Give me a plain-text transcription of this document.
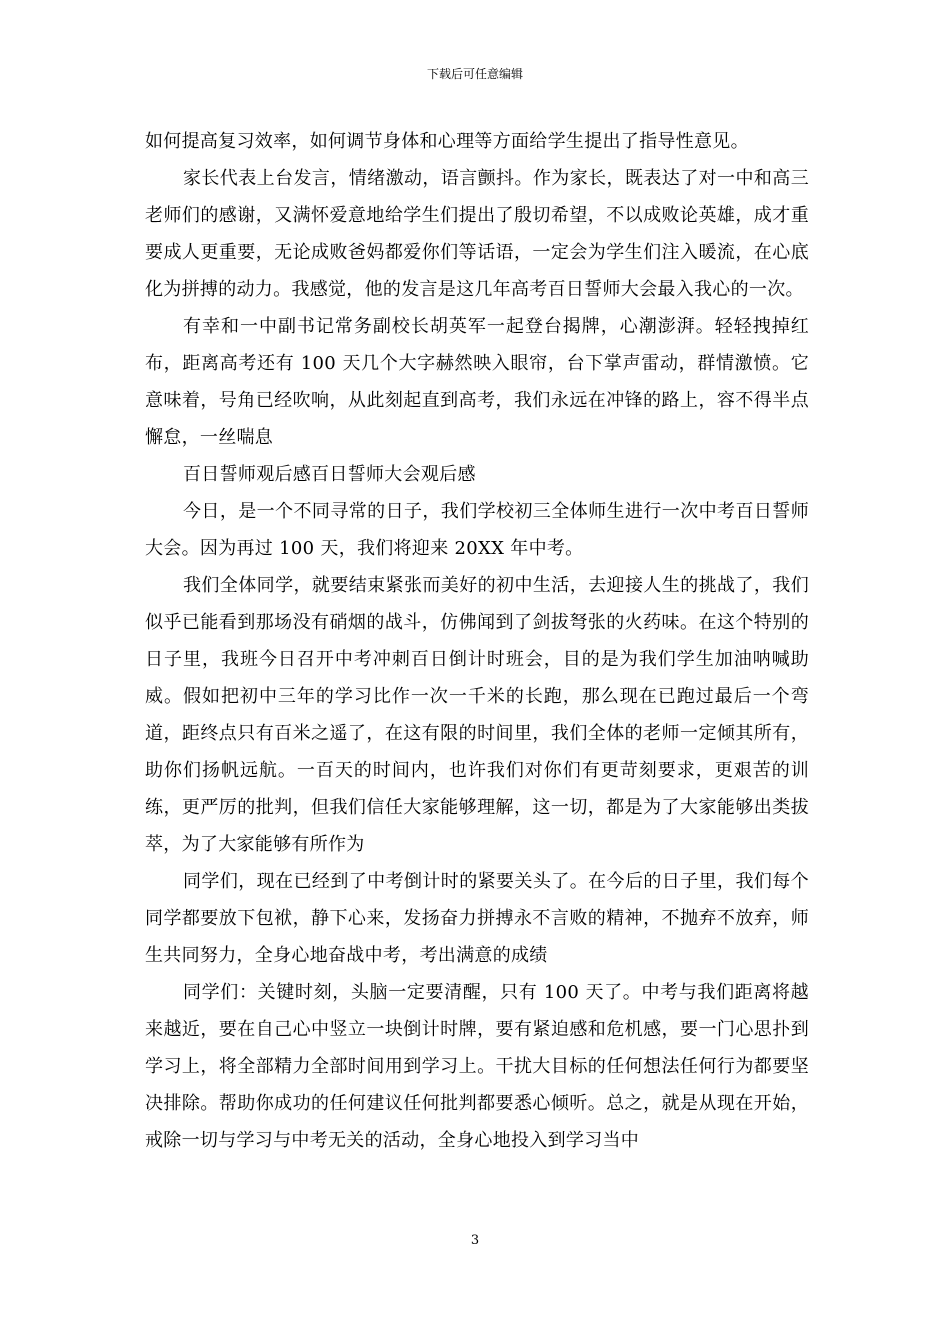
下载后可任意编辑

如何提高复习效率，如何调节身体和心理等方面给学生提出了指导性意见。

家长代表上台发言，情绪激动，语言颤抖。作为家长，既表达了对一中和高三老师们的感谢，又满怀爱意地给学生们提出了殷切希望，不以成败论英雄，成才重要成人更重要，无论成败爸妈都爱你们等话语，一定会为学生们注入暖流，在心底化为拼搏的动力。我感觉，他的发言是这几年高考百日誓师大会最入我心的一次。

有幸和一中副书记常务副校长胡英军一起登台揭牌，心潮澎湃。轻轻拽掉红布，距离高考还有 100 天几个大字赫然映入眼帘，台下掌声雷动，群情激愤。它意味着，号角已经吹响，从此刻起直到高考，我们永远在冲锋的路上，容不得半点懈怠，一丝喘息

百日誓师观后感百日誓师大会观后感

今日，是一个不同寻常的日子，我们学校初三全体师生进行一次中考百日誓师大会。因为再过 100 天，我们将迎来 20XX 年中考。

我们全体同学，就要结束紧张而美好的初中生活，去迎接人生的挑战了，我们似乎已能看到那场没有硝烟的战斗，仿佛闻到了剑拔弩张的火药味。在这个特别的日子里，我班今日召开中考冲刺百日倒计时班会，目的是为我们学生加油呐喊助威。假如把初中三年的学习比作一次一千米的长跑，那么现在已跑过最后一个弯道，距终点只有百米之遥了，在这有限的时间里，我们全体的老师一定倾其所有，助你们扬帆远航。一百天的时间内，也许我们对你们有更苛刻要求，更艰苦的训练，更严厉的批判，但我们信任大家能够理解，这一切，都是为了大家能够出类拔萃，为了大家能够有所作为

同学们，现在已经到了中考倒计时的紧要关头了。在今后的日子里，我们每个同学都要放下包袱，静下心来，发扬奋力拼搏永不言败的精神，不抛弃不放弃，师生共同努力，全身心地奋战中考，考出满意的成绩

同学们：关键时刻，头脑一定要清醒，只有 100 天了。中考与我们距离将越来越近，要在自己心中竖立一块倒计时牌，要有紧迫感和危机感，要一门心思扑到学习上，将全部精力全部时间用到学习上。干扰大目标的任何想法任何行为都要坚决排除。帮助你成功的任何建议任何批判都要悉心倾听。总之，就是从现在开始，戒除一切与学习与中考无关的活动，全身心地投入到学习当中

3
